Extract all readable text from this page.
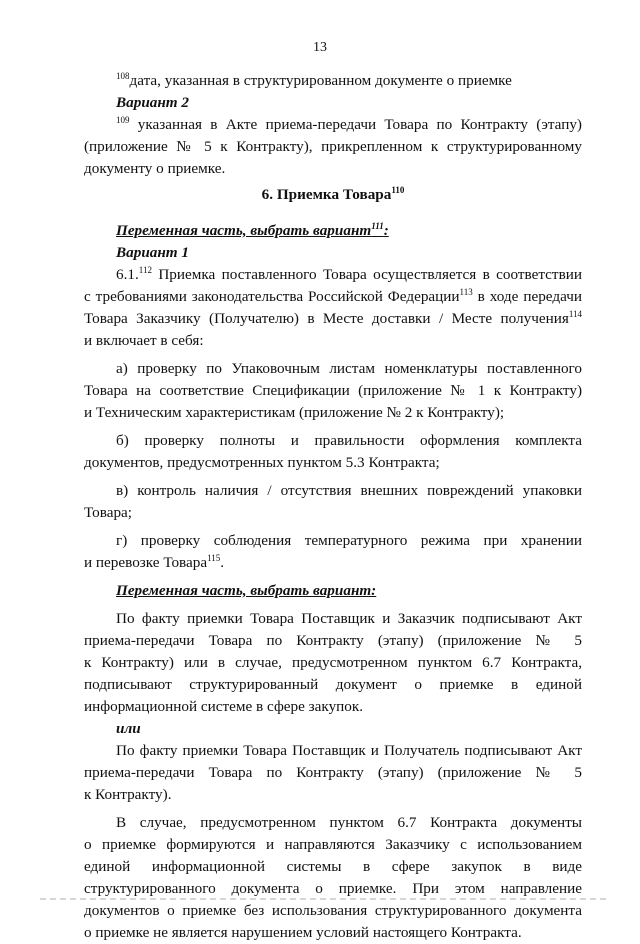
13
$^{108}$дата, указанная в структурированном документе о приемке
Вариант 2
$^{109}$ указанная в Акте приема-передачи Товара по Контракту (этапу)
(приложение № 5 к Контракту), прикрепленном к структурированному
документу о приемке.
6. Приемка Товара$^{110}$
Переменная часть, выбрать вариант$^{111}$:
Вариант 1
6.1.$^{112}$ Приемка поставленного Товара осуществляется в соответствии
с требованиями законодательства Российской Федерации$^{113}$ в ходе передачи
Товара Заказчику (Получателю) в Месте доставки / Месте получения$^{114}$
и включает в себя:
а) проверку по Упаковочным листам номенклатуры поставленного
Товара на соответствие Спецификации (приложение № 1 к Контракту)
и Техническим характеристикам (приложение № 2 к Контракту);
б) проверку полноты и правильности оформления комплекта
документов, предусмотренных пунктом 5.3 Контракта;
в) контроль наличия / отсутствия внешних повреждений упаковки
Товара;
г) проверку соблюдения температурного режима при хранении
и перевозке Товара$^{115}$.
Переменная часть, выбрать вариант:
По факту приемки Товара Поставщик и Заказчик подписывают Акт
приема-передачи Товара по Контракту (этапу) (приложение № 5
к Контракту) или в случае, предусмотренном пунктом 6.7 Контракта,
подписывают структурированный документ о приемке в единой
информационной системе в сфере закупок.
или
По факту приемки Товара Поставщик и Получатель подписывают Акт
приема-передачи Товара по Контракту (этапу) (приложение № 5
к Контракту).
В случае, предусмотренном пунктом 6.7 Контракта документы
о приемке формируются и направляются Заказчику с использованием
единой информационной системы в сфере закупок в виде
структурированного документа о приемке. При этом направление
документов о приемке без использования структурированного документа
о приемке не является нарушением условий настоящего Контракта.
